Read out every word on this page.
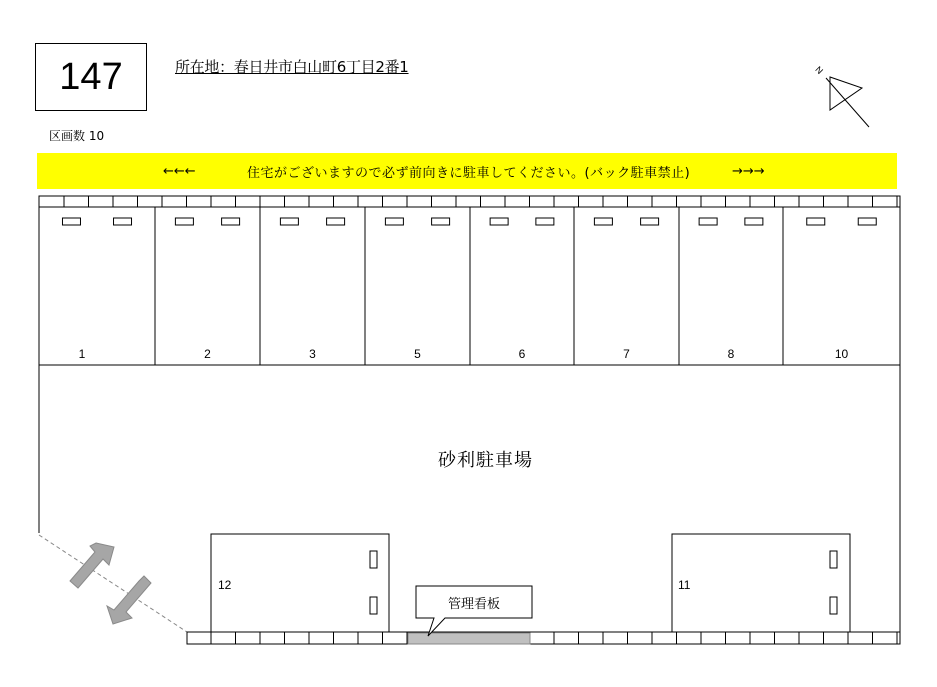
147	所在地：春日井市白山町6丁目2番1
区画数 10
←←←	住宅がございますので必ず前向きに駐車してください。(バック駐車禁止)	→→→
N
12	11
1	2	3	5	6	7	8	10
砂利駐車場
管理看板
